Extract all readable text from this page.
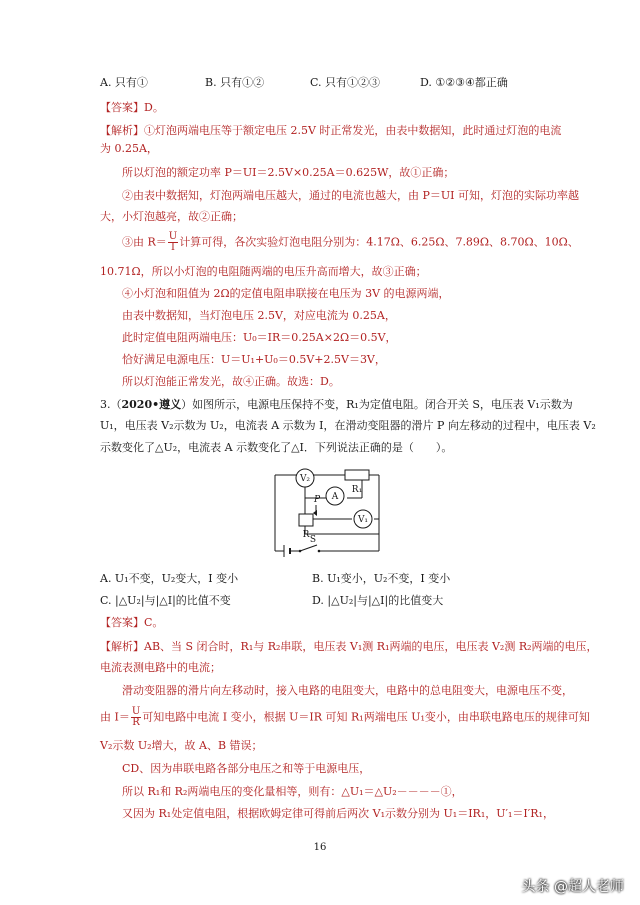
A. 只有①	B. 只有①②	C. 只有①②③	D. ①②③④都正确
【答案】D。
【解析】①灯泡两端电压等于额定电压 2.5V 时正常发光，由表中数据知，此时通过灯泡的电流
为 0.25A，
所以灯泡的额定功率 P＝UI＝2.5V×0.25A＝0.625W，故①正确；
②由表中数据知，灯泡两端电压越大，通过的电流也越大，由 P＝UI 可知，灯泡的实际功率越
大，小灯泡越亮，故②正确；
③由 $R= \frac{U}{I}$ 计算可得，各次实验灯泡电阻分别为：4.17Ω、6.25Ω、7.89Ω、8.70Ω、10Ω、
10.71Ω，所以小灯泡的电阻随两端的电压升高而增大，故③正确；
④小灯泡和阻值为 2Ω的定值电阻串联接在电压为 3V 的电源两端，
由表中数据知，当灯泡电压 2.5V，对应电流为 0.25A，
此时定值电阻两端电压：U₀＝IR＝0.25A×2Ω＝0.5V，
恰好满足电源电压：U＝U₁+U₀＝0.5V+2.5V＝3V，
所以灯泡能正常发光，故④正确。故选：D。
3.（2020•遵义）如图所示，电源电压保持不变，R₁为定值电阻。闭合开关 S，电压表 V₁示数为
U₁，电压表 V₂示数为 U₂，电流表 A 示数为 I，在滑动变阻器的滑片 P 向左移动的过程中，电压表 V₂
示数变化了△U₂，电流表 A 示数变化了△I．下列说法正确的是（　　）。
V₂
A
R₁
P
V₁
R S
A. U₁不变，U₂变大，I 变小	B. U₁变小，U₂不变，I 变小
C. |△U₂|与|△I|的比值不变	D. |△U₂|与|△I|的比值变大
【答案】C。
【解析】AB、当 S 闭合时，R₁与 R₂串联，电压表 V₁测 R₁两端的电压，电压表 V₂测 R₂两端的电压，
电流表测电路中的电流；
滑动变阻器的滑片向左移动时，接入电路的电阻变大，电路中的总电阻变大，电源电压不变，
由 $I= \frac{U}{R}$ 可知电路中电流 I 变小，根据 U＝IR 可知 R₁两端电压 U₁变小，由串联电路电压的规律可知
V₂示数 U₂增大，故 A、B 错误；
CD、因为串联电路各部分电压之和等于电源电压，
所以 R₁和 R₂两端电压的变化量相等，则有：△U₁＝△U₂－－－－①，
又因为 R₁处定值电阻，根据欧姆定律可得前后两次 V₁示数分别为 U₁＝IR₁，U′₁＝I′R₁，
16
头条 @超人老师
